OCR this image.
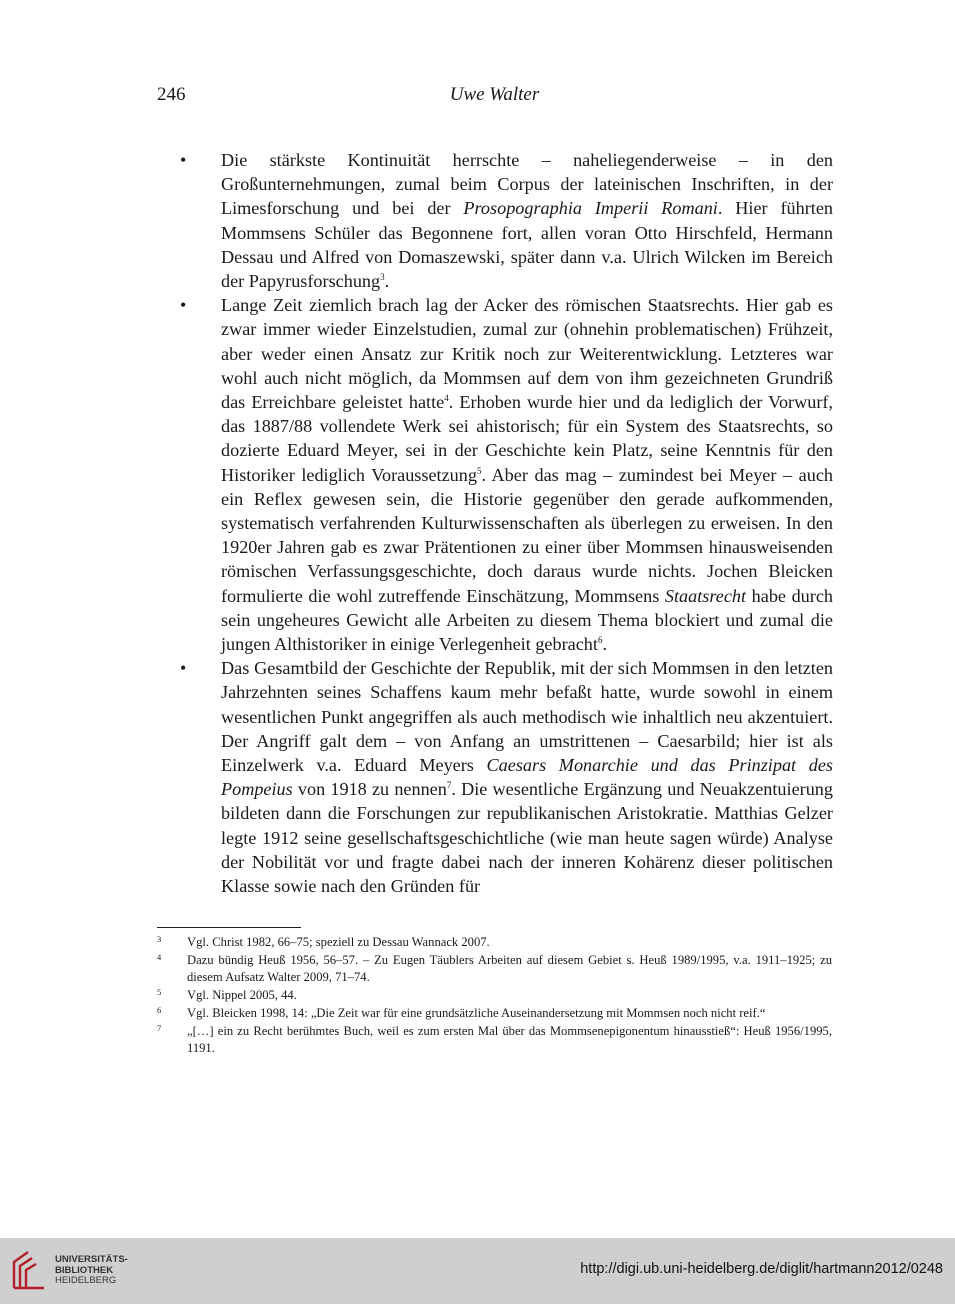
246	Uwe Walter
• Die stärkste Kontinuität herrschte – naheliegenderweise – in den Großunternehmungen, zumal beim Corpus der lateinischen Inschriften, in der Limesforschung und bei der Prosopographia Imperii Romani. Hier führten Mommsens Schüler das Begonnene fort, allen voran Otto Hirschfeld, Hermann Dessau und Alfred von Domaszewski, später dann v.a. Ulrich Wilcken im Bereich der Papyrusforschung$^3$.

• Lange Zeit ziemlich brach lag der Acker des römischen Staatsrechts. Hier gab es zwar immer wieder Einzelstudien, zumal zur (ohnehin problematischen) Frühzeit, aber weder einen Ansatz zur Kritik noch zur Weiterentwicklung. Letzteres war wohl auch nicht möglich, da Mommsen auf dem von ihm gezeichneten Grundriß das Erreichbare geleistet hatte$^4$. Erhoben wurde hier und da lediglich der Vorwurf, das 1887/88 vollendete Werk sei ahistorisch; für ein System des Staatsrechts, so dozierte Eduard Meyer, sei in der Geschichte kein Platz, seine Kenntnis für den Historiker lediglich Voraussetzung$^5$. Aber das mag – zumindest bei Meyer – auch ein Reflex gewesen sein, die Historie gegenüber den gerade aufkommenden, systematisch verfahrenden Kulturwissenschaften als überlegen zu erweisen. In den 1920er Jahren gab es zwar Prätentionen zu einer über Mommsen hinausweisenden römischen Verfassungsgeschichte, doch daraus wurde nichts. Jochen Bleicken formulierte die wohl zutreffende Einschätzung, Mommsens Staatsrecht habe durch sein ungeheures Gewicht alle Arbeiten zu diesem Thema blockiert und zumal die jungen Althistoriker in einige Verlegenheit gebracht$^6$.

• Das Gesamtbild der Geschichte der Republik, mit der sich Mommsen in den letzten Jahrzehnten seines Schaffens kaum mehr befaßt hatte, wurde sowohl in einem wesentlichen Punkt angegriffen als auch methodisch wie inhaltlich neu akzentuiert. Der Angriff galt dem – von Anfang an umstrittenen – Caesarbild; hier ist als Einzelwerk v.a. Eduard Meyers Caesars Monarchie und das Prinzipat des Pompeius von 1918 zu nennen$^7$. Die wesentliche Ergänzung und Neuakzentuierung bildeten dann die Forschungen zur republikanischen Aristokratie. Matthias Gelzer legte 1912 seine gesellschaftsgeschichtliche (wie man heute sagen würde) Analyse der Nobilität vor und fragte dabei nach der inneren Kohärenz dieser politischen Klasse sowie nach den Gründen für

3 Vgl. Christ 1982, 66–75; speziell zu Dessau Wannack 2007.
4 Dazu bündig Heuß 1956, 56–57. – Zu Eugen Täublers Arbeiten auf diesem Gebiet s. Heuß 1989/1995, v.a. 1911–1925; zu diesem Aufsatz Walter 2009, 71–74.
5 Vgl. Nippel 2005, 44.
6 Vgl. Bleicken 1998, 14: „Die Zeit war für eine grundsätzliche Auseinandersetzung mit Mommsen noch nicht reif.“
7 „[…] ein zu Recht berühmtes Buch, weil es zum ersten Mal über das Mommsenepigonentum hinausstieß“: Heuß 1956/1995, 1191.
UNIVERSITÄTS-
BIBLIOTHEK
HEIDELBERG
http://digi.ub.uni-heidelberg.de/diglit/hartmann2012/0248
